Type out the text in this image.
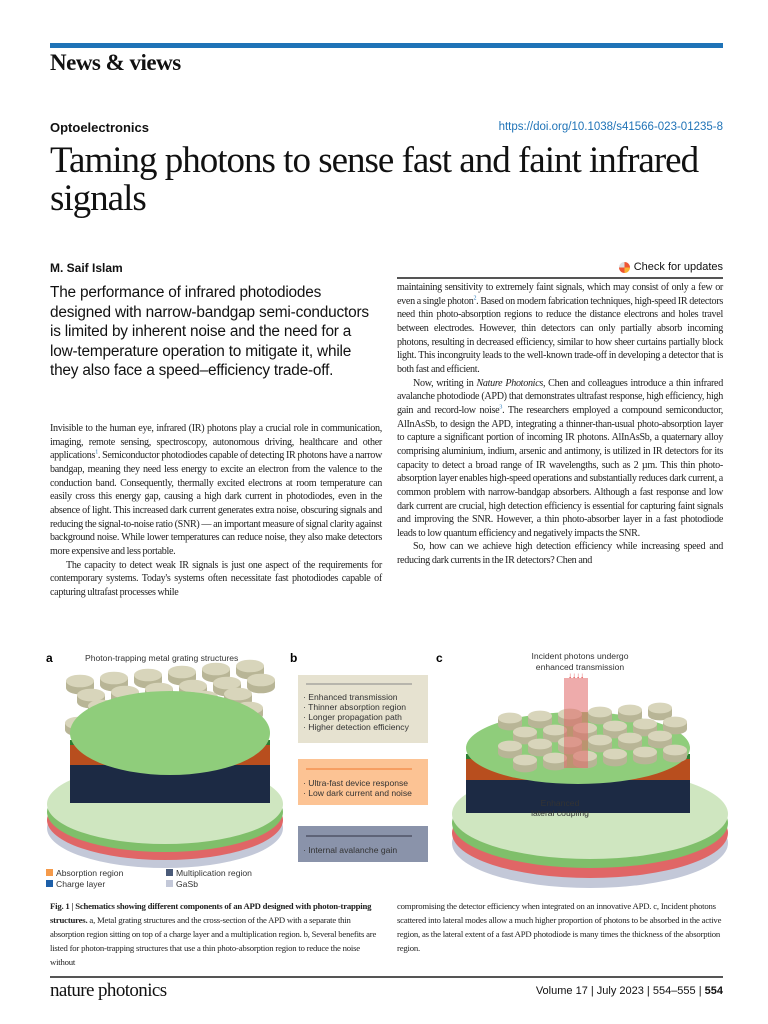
News & views
Optoelectronics	https://doi.org/10.1038/s41566-023-01235-8
Taming photons to sense fast and faint infrared signals
M. Saif Islam	Check for updates
The performance of infrared photodiodes designed with narrow-bandgap semi-conductors is limited by inherent noise and the need for a low-temperature operation to mitigate it, while they also face a speed–efficiency trade-off.

Invisible to the human eye, infrared (IR) photons play a crucial role in communication, imaging, remote sensing, spectroscopy, autonomous driving, healthcare and other applications$^1$. Semiconductor photodiodes capable of detecting IR photons have a narrow bandgap, meaning they need less energy to excite an electron from the valence to the conduction band. Consequently, thermally excited electrons at room temperature can easily cross this energy gap, causing a high dark current in photodiodes, even in the absence of light. This increased dark current generates extra noise, obscuring signals and reducing the signal-to-noise ratio (SNR) — an important measure of signal clarity against background noise. While lower temperatures can reduce noise, they also make detectors more expensive and less portable.

The capacity to detect weak IR signals is just one aspect of the requirements for contemporary systems. Today's systems often necessitate fast photodiodes capable of capturing ultrafast processes while

maintaining sensitivity to extremely faint signals, which may consist of only a few or even a single photon$^2$. Based on modern fabrication techniques, high-speed IR detectors need thin photo-absorption regions to reduce the distance electrons and holes travel between electrodes. However, thin detectors can only partially absorb incoming photons, resulting in decreased efficiency, similar to how sheer curtains partially block light. This incongruity leads to the well-known trade-off in developing a detector that is both fast and efficient.

Now, writing in Nature Photonics, Chen and colleagues introduce a thin infrared avalanche photodiode (APD) that demonstrates ultrafast response, high efficiency, high gain and record-low noise$^3$. The researchers employed a compound semiconductor, AlInAsSb, to design the APD, integrating a thinner-than-usual photo-absorption layer to capture a significant portion of incoming IR photons. AlInAsSb, a quaternary alloy comprising aluminium, indium, arsenic and antimony, is utilized in IR detectors for its capacity to detect a broad range of IR wavelengths, such as 2 µm. This thin photo-absorption layer enables high-speed operations and substantially reduces dark current, a common problem with narrow-bandgap absorbers. Although a fast response and low dark current are crucial, high detection efficiency is essential for capturing faint signals and improving the SNR. However, a thin photo-absorber layer in a fast photodiode leads to low quantum efficiency and negatively impacts the SNR.

So, how can we achieve high detection efficiency while increasing speed and reducing dark currents in the IR detectors? Chen and

a	Photon-trapping metal grating structures	b
· Enhanced transmission
· Thinner absorption region
· Longer propagation path
· Higher detection efficiency
· Ultra-fast device response
· Low dark current and noise
· Internal avalanche gain
c	Incident photons undergo
enhanced transmission
↓↓↓↓
Enhanced
lateral coupling
Absorption region	Multiplication region
Charge layer	GaSb
Fig. 1 | Schematics showing different components of an APD designed with photon-trapping structures. a, Metal grating structures and the cross-section of the APD with a separate thin absorption region sitting on top of a charge layer and a multiplication region. b, Several benefits are listed for photon-trapping structures that use a thin photo-absorption region to reduce the noise without
compromising the detector efficiency when integrated on an innovative APD. c, Incident photons scattered into lateral modes allow a much higher proportion of photons to be absorbed in the active region, as the lateral extent of a fast APD photodiode is many times the thickness of the absorption region.
nature photonics	Volume 17 | July 2023 | 554–555 | 554
